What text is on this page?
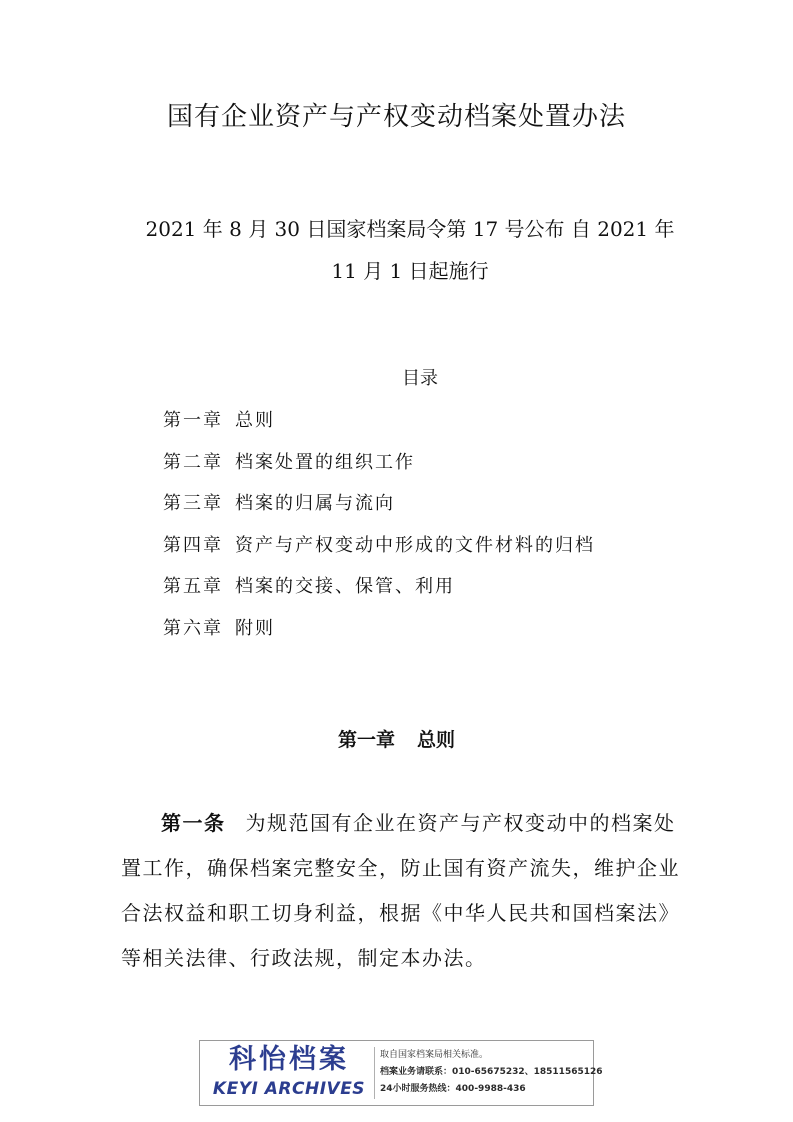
国有企业资产与产权变动档案处置办法
2021 年 8 月 30 日国家档案局令第 17 号公布 自 2021 年
11 月 1 日起施行
目录
第一章 总则
第二章 档案处置的组织工作
第三章 档案的归属与流向
第四章 资产与产权变动中形成的文件材料的归档
第五章 档案的交接、保管、利用
第六章 附则
第一章 总则

第一条 为规范国有企业在资产与产权变动中的档案处置工作，确保档案完整安全，防止国有资产流失，维护企业合法权益和职工切身利益，根据《中华人民共和国档案法》等相关法律、行政法规，制定本办法。

科怡档案
KEYI ARCHIVES
取自国家档案局相关标准。
档案业务请联系：010-65675232、18511565126
24小时服务热线：400-9988-436
